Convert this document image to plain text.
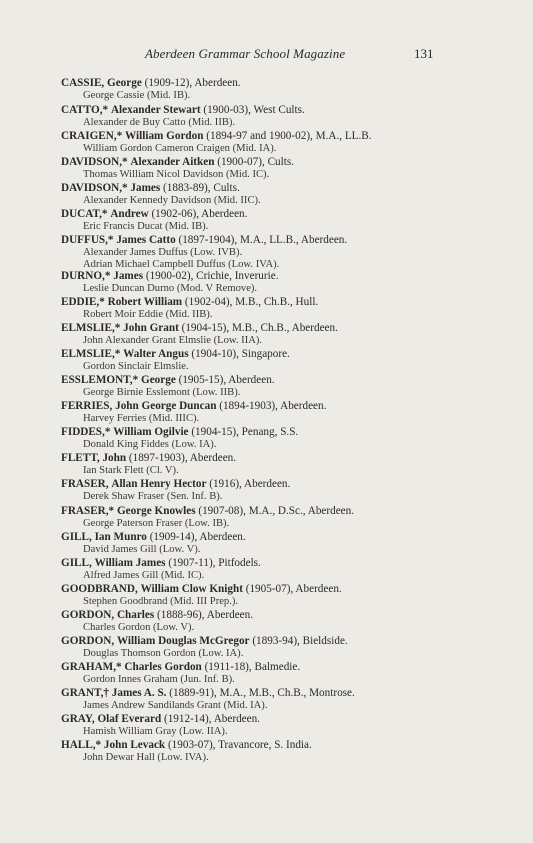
Aberdeen Grammar School Magazine	131
CASSIE, George (1909-12), Aberdeen.
George Cassie (Mid. IB).
CATTO,* Alexander Stewart (1900-03), West Cults.
Alexander de Buy Catto (Mid. IIB).
CRAIGEN,* William Gordon (1894-97 and 1900-02), M.A., LL.B.
William Gordon Cameron Craigen (Mid. IA).
DAVIDSON,* Alexander Aitken (1900-07), Cults.
Thomas William Nicol Davidson (Mid. IC).
DAVIDSON,* James (1883-89), Cults.
Alexander Kennedy Davidson (Mid. IIC).
DUCAT,* Andrew (1902-06), Aberdeen.
Eric Francis Ducat (Mid. IB).
DUFFUS,* James Catto (1897-1904), M.A., LL.B., Aberdeen.
Alexander James Duffus (Low. IVB).
Adrian Michael Campbell Duffus (Low. IVA).
DURNO,* James (1900-02), Crichie, Inverurie.
Leslie Duncan Durno (Mod. V Remove).
EDDIE,* Robert William (1902-04), M.B., Ch.B., Hull.
Robert Moir Eddie (Mid. IIB).
ELMSLIE,* John Grant (1904-15), M.B., Ch.B., Aberdeen.
John Alexander Grant Elmslie (Low. IIA).
ELMSLIE,* Walter Angus (1904-10), Singapore.
Gordon Sinclair Elmslie.
ESSLEMONT,* George (1905-15), Aberdeen.
George Birnie Esslemont (Low. IIB).
FERRIES, John George Duncan (1894-1903), Aberdeen.
Harvey Ferries (Mid. IIIC).
FIDDES,* William Ogilvie (1904-15), Penang, S.S.
Donald King Fiddes (Low. IA).
FLETT, John (1897-1903), Aberdeen.
Ian Stark Flett (Cl. V).
FRASER, Allan Henry Hector (1916), Aberdeen.
Derek Shaw Fraser (Sen. Inf. B).
FRASER,* George Knowles (1907-08), M.A., D.Sc., Aberdeen.
George Paterson Fraser (Low. IB).
GILL, Ian Munro (1909-14), Aberdeen.
David James Gill (Low. V).
GILL, William James (1907-11), Pitfodels.
Alfred James Gill (Mid. IC).
GOODBRAND, William Clow Knight (1905-07), Aberdeen.
Stephen Goodbrand (Mid. III Prep.).
GORDON, Charles (1888-96), Aberdeen.
Charles Gordon (Low. V).
GORDON, William Douglas McGregor (1893-94), Bieldside.
Douglas Thomson Gordon (Low. IA).
GRAHAM,* Charles Gordon (1911-18), Balmedie.
Gordon Innes Graham (Jun. Inf. B).
GRANT,† James A. S. (1889-91), M.A., M.B., Ch.B., Montrose.
James Andrew Sandilands Grant (Mid. IA).
GRAY, Olaf Everard (1912-14), Aberdeen.
Hamish William Gray (Low. IIA).
HALL,* John Levack (1903-07), Travancore, S. India.
John Dewar Hall (Low. IVA).
